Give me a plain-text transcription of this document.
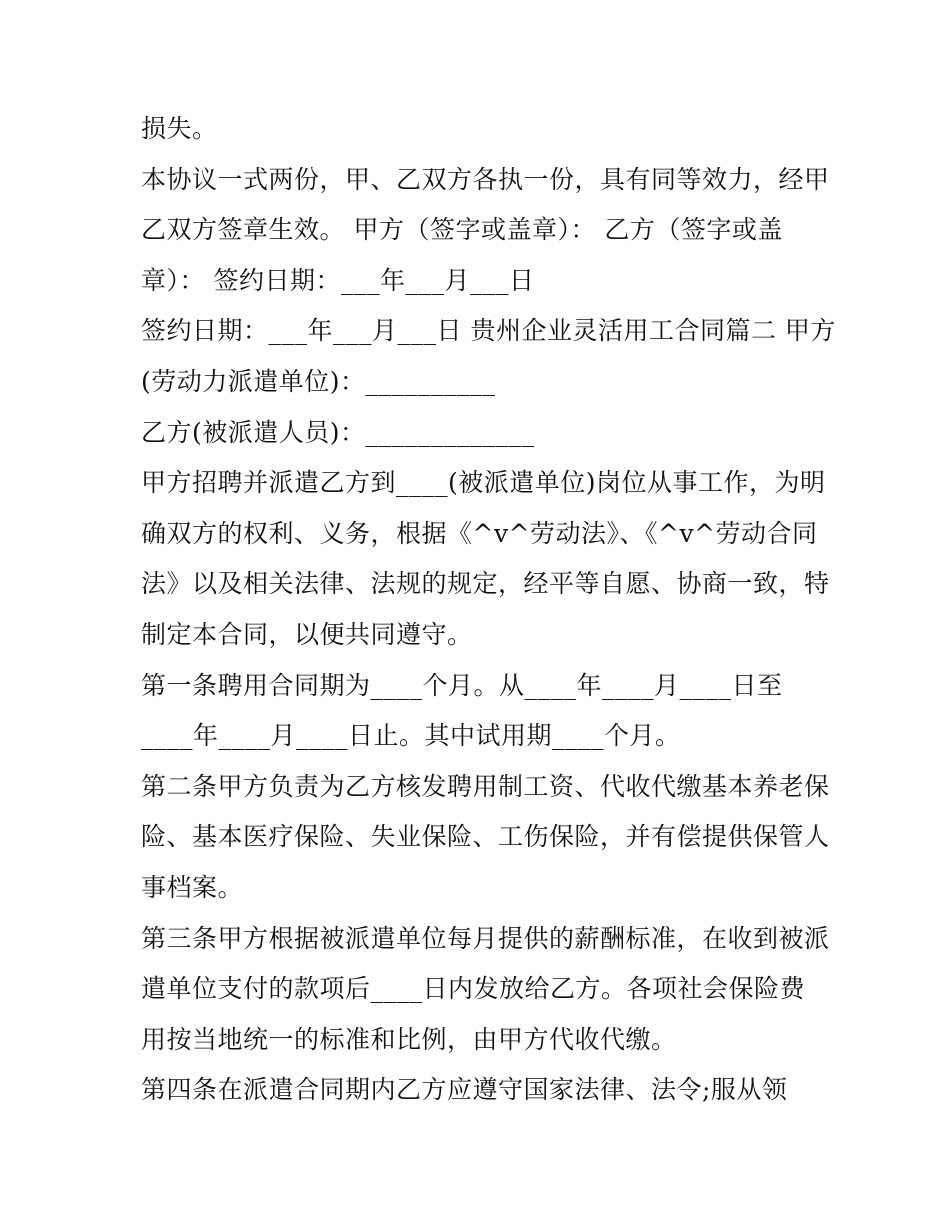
损失。
本协议一式两份，甲、乙双方各执一份，具有同等效力，经甲
乙双方签章生效。 甲方（签字或盖章）： 乙方（签字或盖
章）： 签约日期：___年___月___日
签约日期：___年___月___日 贵州企业灵活用工合同篇二 甲方
(劳动力派遣单位)：__________
乙方(被派遣人员)：_____________
甲方招聘并派遣乙方到____(被派遣单位)岗位从事工作，为明
确双方的权利、义务，根据《^v^劳动法》、《^v^劳动合同
法》以及相关法律、法规的规定，经平等自愿、协商一致，特
制定本合同，以便共同遵守。
第一条聘用合同期为____个月。从____年____月____日至
____年____月____日止。其中试用期____个月。
第二条甲方负责为乙方核发聘用制工资、代收代缴基本养老保
险、基本医疗保险、失业保险、工伤保险，并有偿提供保管人
事档案。
第三条甲方根据被派遣单位每月提供的薪酬标准，在收到被派
遣单位支付的款项后____日内发放给乙方。各项社会保险费
用按当地统一的标准和比例，由甲方代收代缴。
第四条在派遣合同期内乙方应遵守国家法律、法令;服从领
